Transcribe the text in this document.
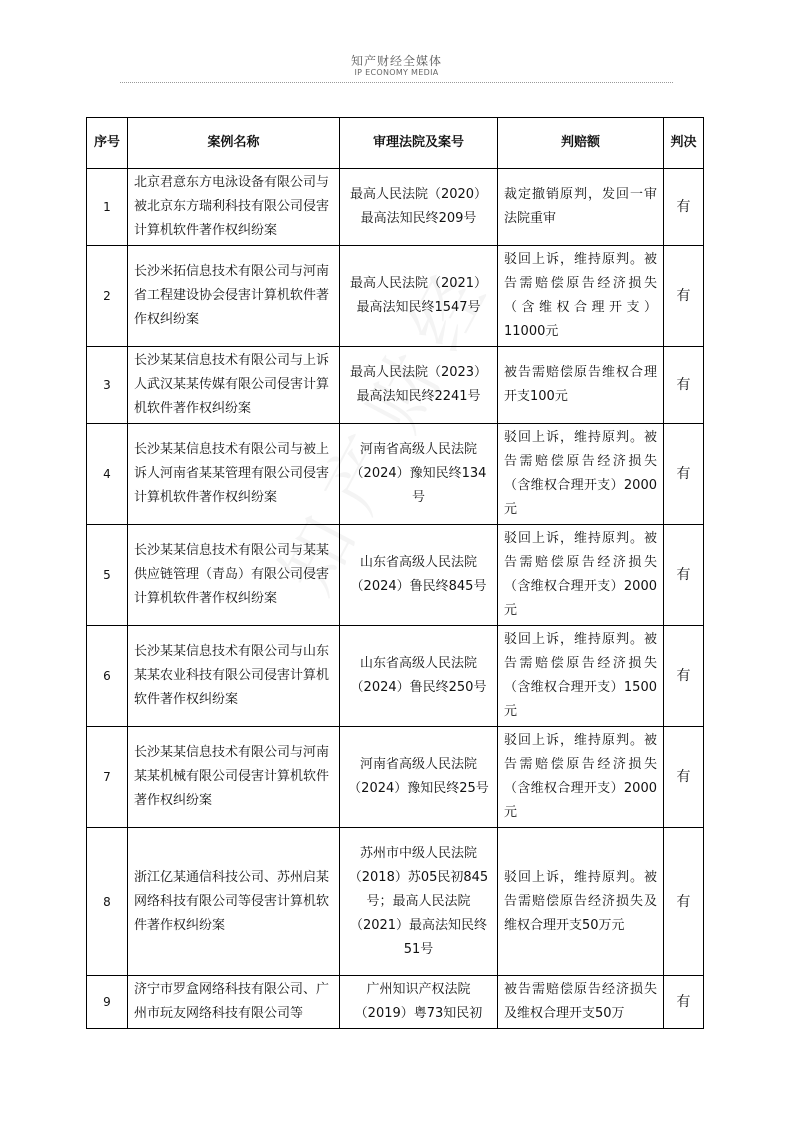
知产财经全媒体
IP ECONOMY MEDIA
序号	案例名称	审理法院及案号	判赔额	判决
1	北京君意东方电泳设备有限公司与被北京东方瑞利科技有限公司侵害计算机软件著作权纠纷案	最高人民法院（2020）最高法知民终209号	裁定撤销原判，发回一审法院重审	有
2	长沙米拓信息技术有限公司与河南省工程建设协会侵害计算机软件著作权纠纷案	最高人民法院（2021）最高法知民终1547号	驳回上诉，维持原判。被告需赔偿原告经济损失（含维权合理开支）11000元	有
3	长沙某某信息技术有限公司与上诉人武汉某某传媒有限公司侵害计算机软件著作权纠纷案	最高人民法院（2023）最高法知民终2241号	被告需赔偿原告维权合理开支100元	有
4	长沙某某信息技术有限公司与被上诉人河南省某某管理有限公司侵害计算机软件著作权纠纷案	河南省高级人民法院（2024）豫知民终134号	驳回上诉，维持原判。被告需赔偿原告经济损失（含维权合理开支）2000元	有
5	长沙某某信息技术有限公司与某某供应链管理（青岛）有限公司侵害计算机软件著作权纠纷案	山东省高级人民法院（2024）鲁民终845号	驳回上诉，维持原判。被告需赔偿原告经济损失（含维权合理开支）2000元	有
6	长沙某某信息技术有限公司与山东某某农业科技有限公司侵害计算机软件著作权纠纷案	山东省高级人民法院（2024）鲁民终250号	驳回上诉，维持原判。被告需赔偿原告经济损失（含维权合理开支）1500元	有
7	长沙某某信息技术有限公司与河南某某机械有限公司侵害计算机软件著作权纠纷案	河南省高级人民法院（2024）豫知民终25号	驳回上诉，维持原判。被告需赔偿原告经济损失（含维权合理开支）2000元	有
8	浙江亿某通信科技公司、苏州启某网络科技有限公司等侵害计算机软件著作权纠纷案	苏州市中级人民法院（2018）苏05民初845号；最高人民法院（2021）最高法知民终51号	驳回上诉，维持原判。被告需赔偿原告经济损失及维权合理开支50万元	有
9	济宁市罗盒网络科技有限公司、广州市玩友网络科技有限公司等	广州知识产权法院（2019）粤73知民初	被告需赔偿原告经济损失及维权合理开支50万	有
